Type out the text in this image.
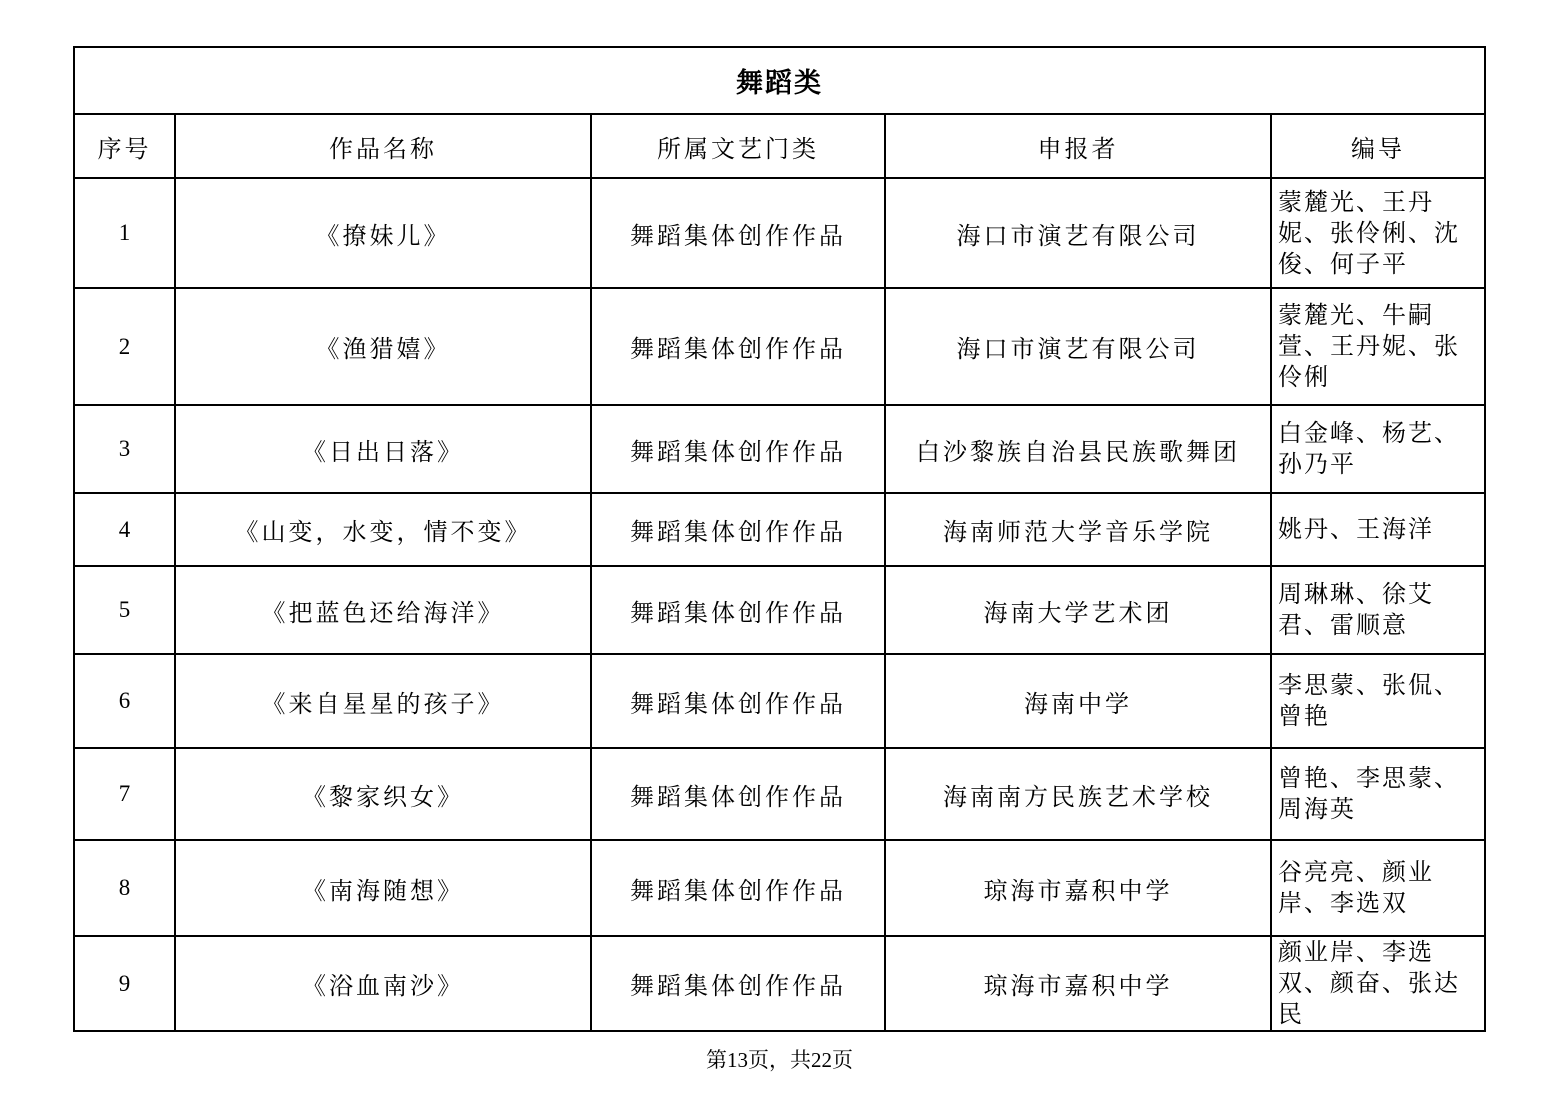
舞蹈类				
序号	作品名称	所属文艺门类	申报者	编导
1	《撩妹儿》	舞蹈集体创作作品	海口市演艺有限公司	蒙麓光、王丹妮、张伶俐、沈俊、何子平
2	《渔猎嬉》	舞蹈集体创作作品	海口市演艺有限公司	蒙麓光、牛嗣萱、王丹妮、张伶俐
3	《日出日落》	舞蹈集体创作作品	白沙黎族自治县民族歌舞团	白金峰、杨艺、孙乃平
4	《山变，水变，情不变》	舞蹈集体创作作品	海南师范大学音乐学院	姚丹、王海洋
5	《把蓝色还给海洋》	舞蹈集体创作作品	海南大学艺术团	周琳琳、徐艾君、雷顺意
6	《来自星星的孩子》	舞蹈集体创作作品	海南中学	李思蒙、张侃、曾艳
7	《黎家织女》	舞蹈集体创作作品	海南南方民族艺术学校	曾艳、李思蒙、周海英
8	《南海随想》	舞蹈集体创作作品	琼海市嘉积中学	谷亮亮、颜业岸、李选双
9	《浴血南沙》	舞蹈集体创作作品	琼海市嘉积中学	颜业岸、李选双、颜奋、张达民
第13页，共22页
